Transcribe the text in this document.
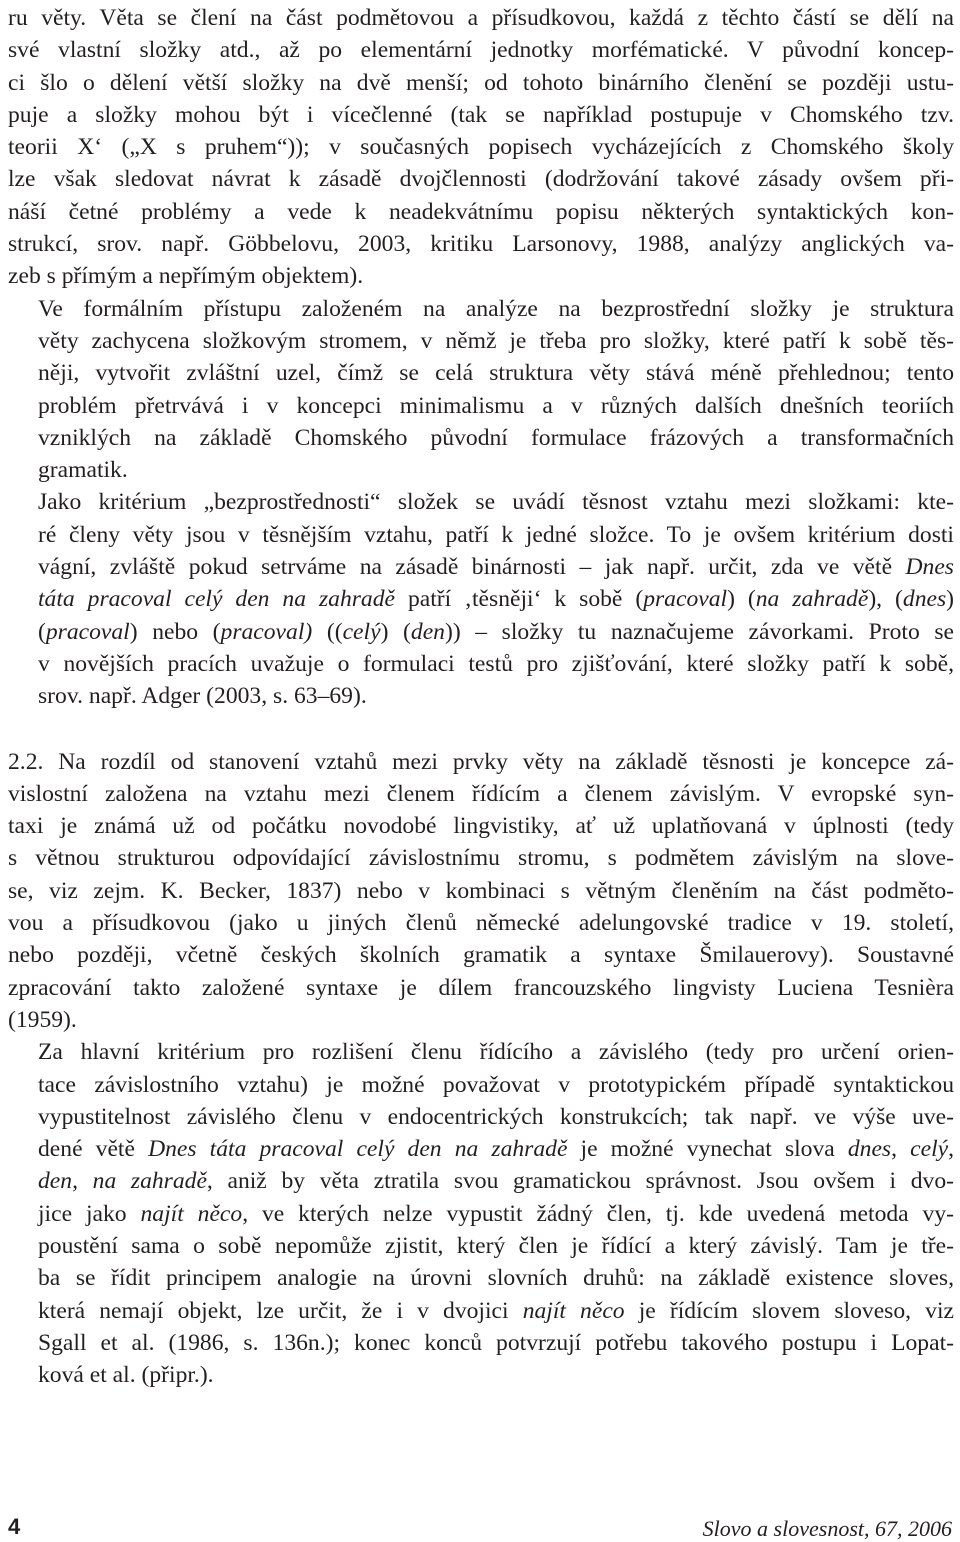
ru věty. Věta se člení na část podmětovou a přísudkovou, každá z těchto částí se dělí na
své vlastní složky atd., až po elementární jednotky morfématické. V původní koncep-
ci šlo o dělení větší složky na dvě menší; od tohoto binárního členění se později ustu-
puje a složky mohou být i vícečlenné (tak se například postupuje v Chomského tzv.
teorii X‘ („X s pruhem“)); v současných popisech vycházejících z Chomského školy
lze však sledovat návrat k zásadě dvojčlennosti (dodržování takové zásady ovšem při-
náší četné problémy a vede k neadekvátnímu popisu některých syntaktických kon-
strukcí, srov. např. Göbbelovu, 2003, kritiku Larsonovy, 1988, analýzy anglických va-
zeb s přímým a nepřímým objektem).

Ve formálním přístupu založeném na analýze na bezprostřední složky je struktura
věty zachycena složkovým stromem, v němž je třeba pro složky, které patří k sobě těs-
něji, vytvořit zvláštní uzel, čímž se celá struktura věty stává méně přehlednou; tento
problém přetrvává i v koncepci minimalismu a v různých dalších dnešních teoriích
vzniklých na základě Chomského původní formulace frázových a transformačních
gramatik.

Jako kritérium „bezprostřednosti“ složek se uvádí těsnost vztahu mezi složkami: kte-
ré členy věty jsou v těsnějším vztahu, patří k jedné složce. To je ovšem kritérium dosti
vágní, zvláště pokud setrváme na zásadě binárnosti – jak např. určit, zda ve větě Dnes
táta pracoval celý den na zahradě patří ‚těsněji‘ k sobě (pracoval) (na zahradě), (dnes)
(pracoval) nebo (pracoval) ((celý) (den)) – složky tu naznačujeme závorkami. Proto se
v novějších pracích uvažuje o formulaci testů pro zjišťování, které složky patří k sobě,
srov. např. Adger (2003, s. 63–69).

2.2. Na rozdíl od stanovení vztahů mezi prvky věty na základě těsnosti je koncepce zá-
vislostní založena na vztahu mezi členem řídícím a členem závislým. V evropské syn-
taxi je známá už od počátku novodobé lingvistiky, ať už uplatňovaná v úplnosti (tedy
s větnou strukturou odpovídající závislostnímu stromu, s podmětem závislým na slove-
se, viz zejm. K. Becker, 1837) nebo v kombinaci s větným členěním na část podměto-
vou a přísudkovou (jako u jiných členů německé adelungovské tradice v 19. století,
nebo později, včetně českých školních gramatik a syntaxe Šmilauerovy). Soustavné
zpracování takto založené syntaxe je dílem francouzského lingvisty Luciena Tesnièra
(1959).

Za hlavní kritérium pro rozlišení členu řídícího a závislého (tedy pro určení orien-
tace závislostního vztahu) je možné považovat v prototypickém případě syntaktickou
vypustitelnost závislého členu v endocentrických konstrukcích; tak např. ve výše uve-
dené větě Dnes táta pracoval celý den na zahradě je možné vynechat slova dnes, celý,
den, na zahradě, aniž by věta ztratila svou gramatickou správnost. Jsou ovšem i dvo-
jice jako najít něco, ve kterých nelze vypustit žádný člen, tj. kde uvedená metoda vy-
poustění sama o sobě nepomůže zjistit, který člen je řídící a který závislý. Tam je tře-
ba se řídit principem analogie na úrovni slovních druhů: na základě existence sloves,
která nemají objekt, lze určit, že i v dvojici najít něco je řídícím slovem sloveso, viz
Sgall et al. (1986, s. 136n.); konec konců potvrzují potřebu takového postupu i Lopat-
ková et al. (připr.).

4	Slovo a slovesnost, 67, 2006
